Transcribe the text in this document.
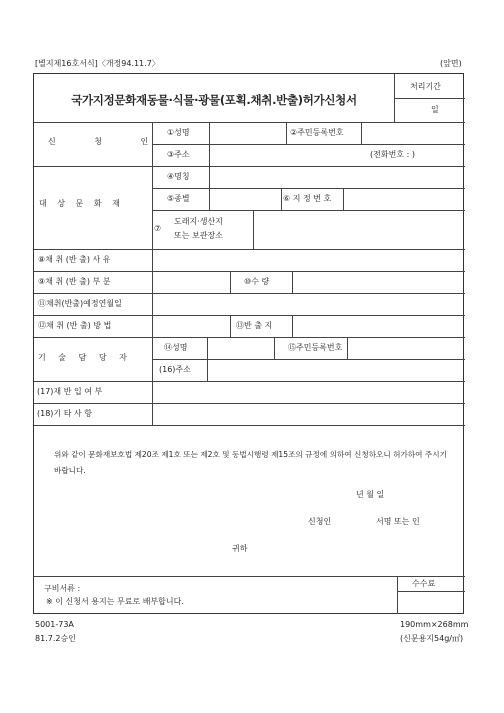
[별지제16호서식]〈개정94.11.7〉	(앞면)
국가지정문화재동물·식물·광물(포획.채취.반출)허가신청서
처리기간
일
신 청 인
①성명	②주민등록번호
③주소	(전화번호 : )
대 상 문 화 재
④명칭
⑤종별	⑥ 지 정 번 호
⑦
도래지·생산지
또는 보관장소
⑧채 취 (반 출) 사 유
⑨채 취 (반 출) 부 분	⑩수 량
⑪채취(반출)예정연월일
⑫채 취 (반 출) 방 법	⑬반 출 지
기 술 담 당 자
⑭성명	⑮주민등록번호
(16)주소
(17)재 반 입 여 부
(18)기 타 사 항
위와 같이 문화재보호법 제20조 제1호 또는 제2호 및 동법시행령 제15조의 규정에 의하여 신청하오니 허가하여 주시기 바랍니다.
년 월 일
신청인	서명 또는 인
귀하
구비서류 :
※ 이 신청서 용지는 무료로 배부합니다.
수수료
5001-73A
81.7.2승인
190mm×268mm
(신문용지54g/㎡)
